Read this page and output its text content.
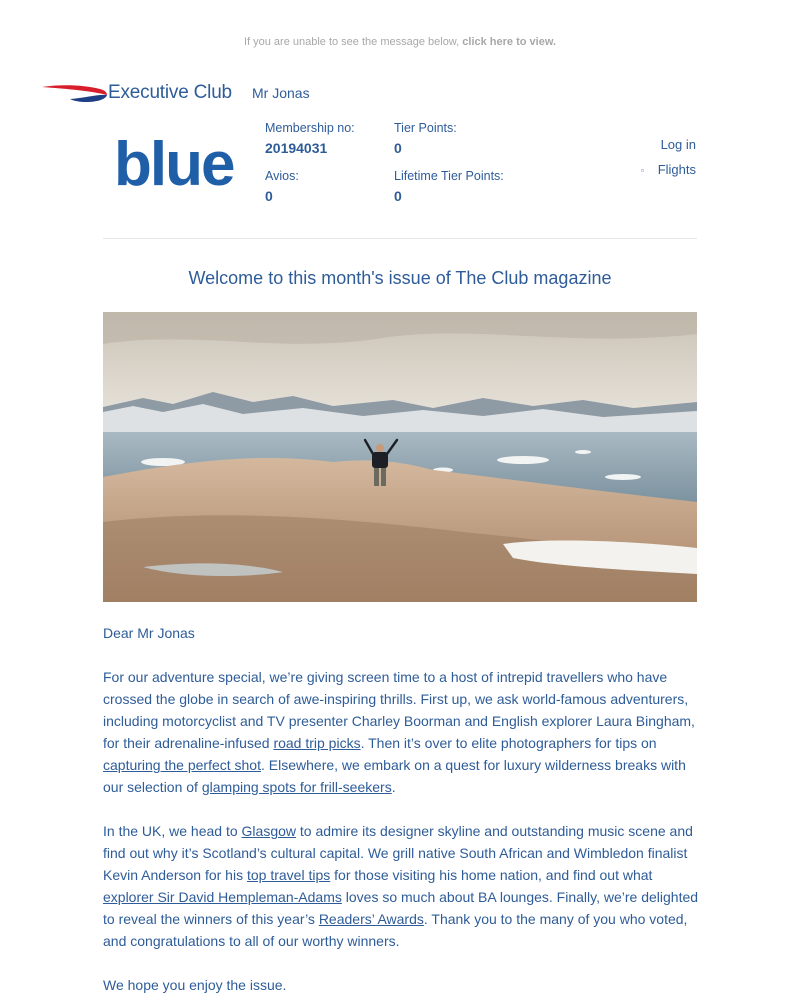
If you are unable to see the message below, click here to view.
Executive Club Mr Jonas
blue
Membership no:
20194031
Tier Points:
0
Avios:
0
Lifetime Tier Points:
0
Log in
▫ Flights
Welcome to this month's issue of The Club magazine

Dear Mr Jonas

For our adventure special, we’re giving screen time to a host of intrepid travellers who have crossed the globe in search of awe-inspiring thrills. First up, we ask world-famous adventurers, including motorcyclist and TV presenter Charley Boorman and English explorer Laura Bingham, for their adrenaline-infused road trip picks. Then it’s over to elite photographers for tips on capturing the perfect shot. Elsewhere, we embark on a quest for luxury wilderness breaks with our selection of glamping spots for frill-seekers.

In the UK, we head to Glasgow to admire its designer skyline and outstanding music scene and find out why it’s Scotland’s cultural capital. We grill native South African and Wimbledon finalist Kevin Anderson for his top travel tips for those visiting his home nation, and find out what explorer Sir David Hempleman-Adams loves so much about BA lounges. Finally, we’re delighted to reveal the winners of this year’s Readers’ Awards. Thank you to the many of you who voted, and congratulations to all of our worthy winners.

We hope you enjoy the issue.
